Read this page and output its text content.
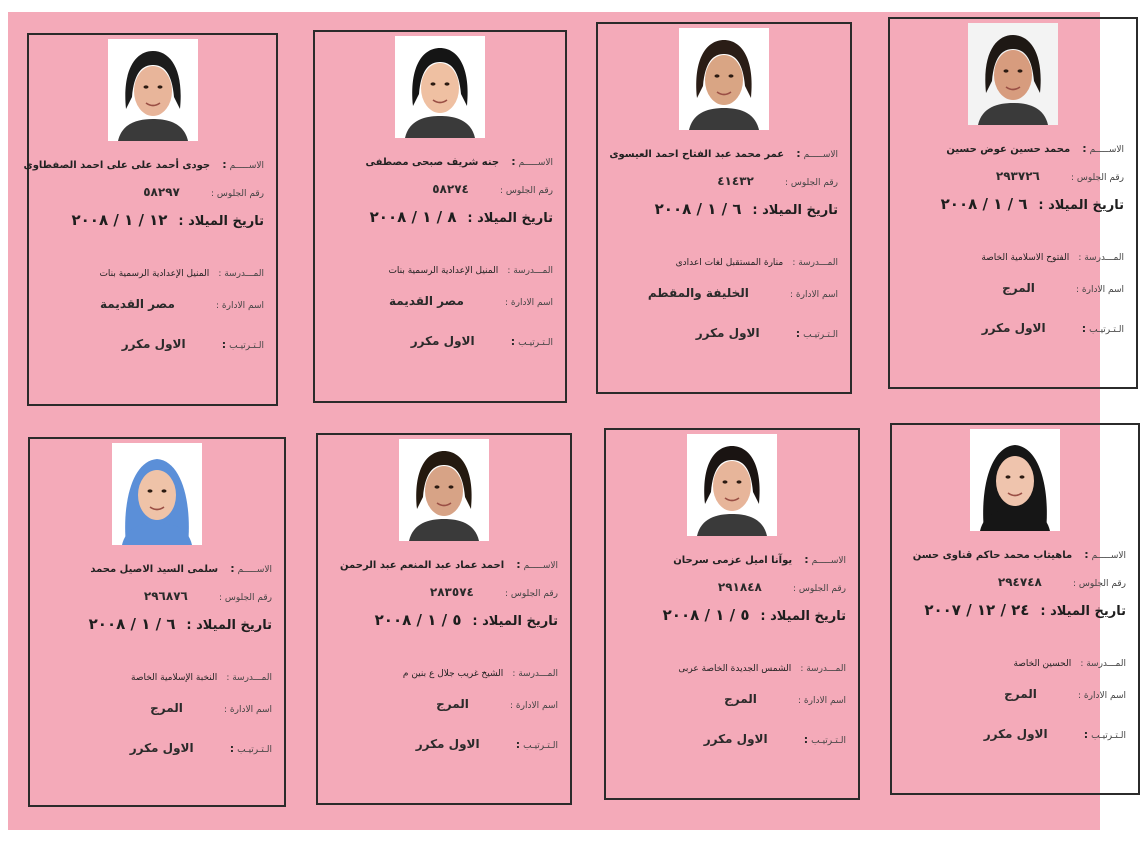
الاســـــم: جودى أحمد على على احمد الصفطاوى
رقم الجلوس : ٥٨٢٩٧
تاريخ الميلاد : ١٢ / ١ / ٢٠٠٨
المـــدرسة : المنيل الإعدادية الرسمية بنات
اسم الادارة : مصر القديمة
الـتـرتيـب: الاول مكرر
الاســـــم: جنه شريف صبحى مصطفى
رقم الجلوس : ٥٨٢٧٤
تاريخ الميلاد : ٨ / ١ / ٢٠٠٨
المـــدرسة : المنيل الإعدادية الرسمية بنات
اسم الادارة : مصر القديمة
الـتـرتيـب: الاول مكرر
الاســـــم: عمر محمد عبد الفتاح احمد العيسوى
رقم الجلوس : ٤١٤٣٢
تاريخ الميلاد : ٦ / ١ / ٢٠٠٨
المـــدرسة : منارة المستقبل لغات اعدادى
اسم الادارة : الخليفة والمقطم
الـتـرتيـب: الاول مكرر
الاســـــم: محمد حسين عوض حسين
رقم الجلوس : ٢٩٣٧٢٦
تاريخ الميلاد : ٦ / ١ / ٢٠٠٨
المـــدرسة : الفتوح الاسلامية الخاصة
اسم الادارة : المرج
الـتـرتيـب: الاول مكرر
الاســـــم: سلمى السيد الاصيل محمد
رقم الجلوس : ٢٩٦٨٧٦
تاريخ الميلاد : ٦ / ١ / ٢٠٠٨
المـــدرسة : النخبة الإسلامية الخاصة
اسم الادارة : المرج
الـتـرتيـب: الاول مكرر
الاســـــم: احمد عماد عبد المنعم عبد الرحمن
رقم الجلوس : ٢٨٣٥٧٤
تاريخ الميلاد : ٥ / ١ / ٢٠٠٨
المـــدرسة : الشيخ غريب جلال ع بنين م
اسم الادارة : المرج
الـتـرتيـب: الاول مكرر
الاســـــم: يوآنا اميل عزمى سرحان
رقم الجلوس : ٢٩١٨٤٨
تاريخ الميلاد : ٥ / ١ / ٢٠٠٨
المـــدرسة : الشمس الجديدة الخاصة عربى
اسم الادارة : المرج
الـتـرتيـب: الاول مكرر
الاســـــم: ماهيتاب محمد حاكم قناوى حسن
رقم الجلوس : ٢٩٤٧٤٨
تاريخ الميلاد : ٢٤ / ١٢ / ٢٠٠٧
المـــدرسة : الحسين الخاصة
اسم الادارة : المرج
الـتـرتيـب: الاول مكرر
